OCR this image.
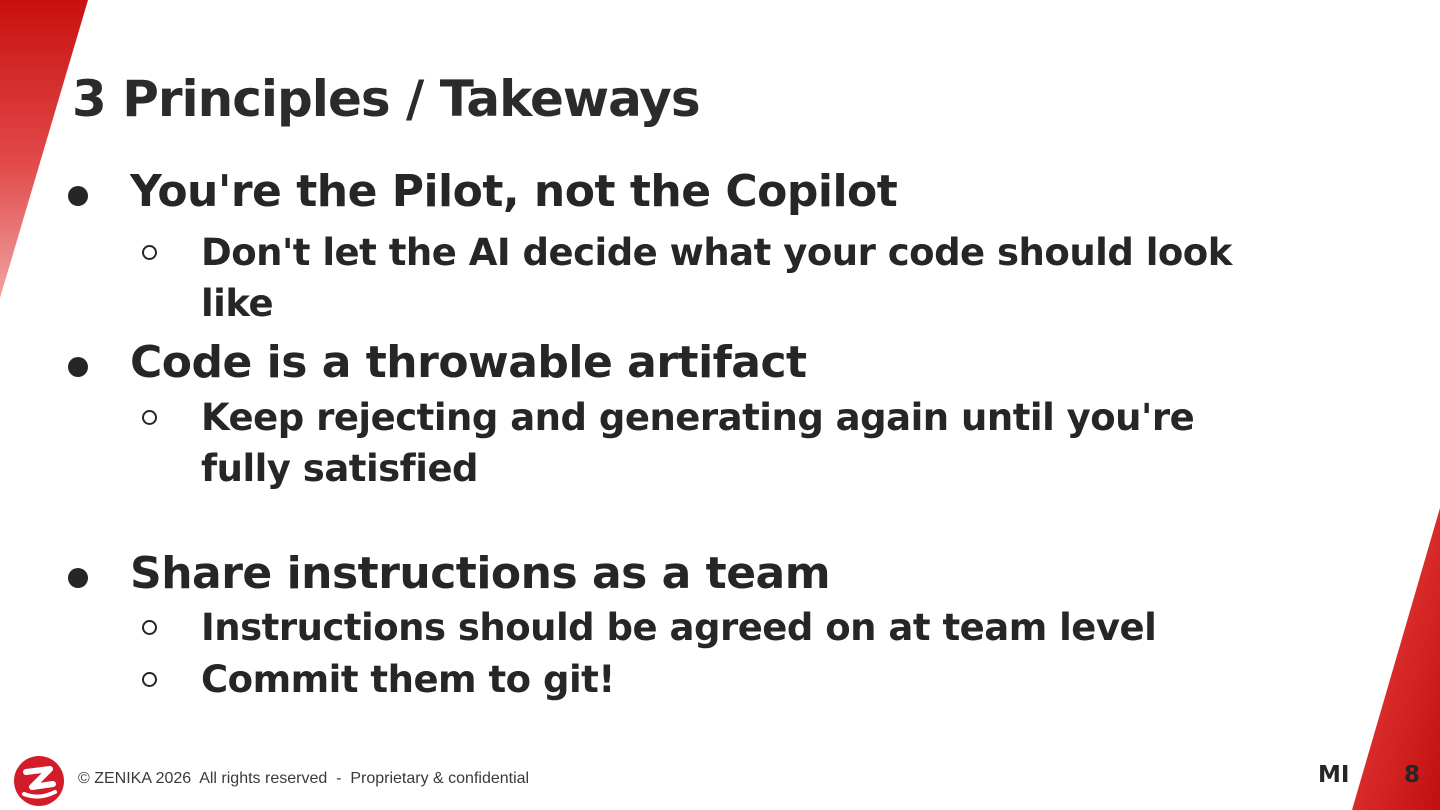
3 Principles / Takeways
You're the Pilot, not the Copilot
Don't let the AI decide what your code should look like
Code is a throwable artifact
Keep rejecting and generating again until you're fully satisfied
Share instructions as a team
Instructions should be agreed on at team level
Commit them to git!
© ZENIKA 2026  All rights reserved  -  Proprietary & confidential	MI 8
